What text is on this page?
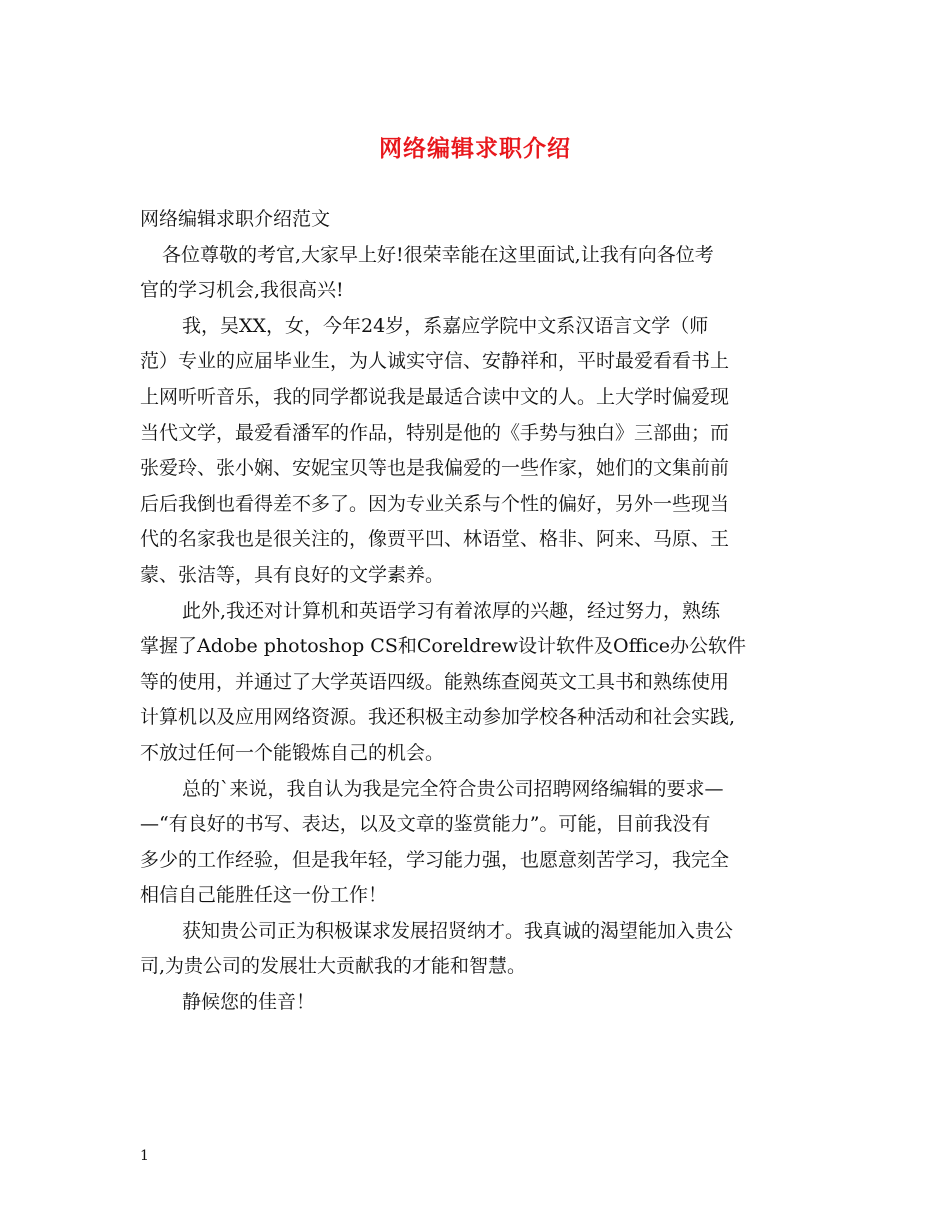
网络编辑求职介绍
网络编辑求职介绍范文
各位尊敬的考官,大家早上好!很荣幸能在这里面试,让我有向各位考
官的学习机会,我很高兴!
我，吴XX，女，今年24岁，系嘉应学院中文系汉语言文学（师
范）专业的应届毕业生，为人诚实守信、安静祥和，平时最爱看看书上
上网听听音乐，我的同学都说我是最适合读中文的人。上大学时偏爱现
当代文学，最爱看潘军的作品，特别是他的《手势与独白》三部曲；而
张爱玲、张小娴、安妮宝贝等也是我偏爱的一些作家，她们的文集前前
后后我倒也看得差不多了。因为专业关系与个性的偏好，另外一些现当
代的名家我也是很关注的，像贾平凹、林语堂、格非、阿来、马原、王
蒙、张洁等，具有良好的文学素养。
此外,我还对计算机和英语学习有着浓厚的兴趣，经过努力，熟练
掌握了Adobe photoshop CS和Coreldrew设计软件及Office办公软件
等的使用，并通过了大学英语四级。能熟练查阅英文工具书和熟练使用
计算机以及应用网络资源。我还积极主动参加学校各种活动和社会实践,
不放过任何一个能锻炼自己的机会。
总的`来说，我自认为我是完全符合贵公司招聘网络编辑的要求—
—“有良好的书写、表达，以及文章的鉴赏能力”。可能，目前我没有
多少的工作经验，但是我年轻，学习能力强，也愿意刻苦学习，我完全
相信自己能胜任这一份工作！
获知贵公司正为积极谋求发展招贤纳才。我真诚的渴望能加入贵公
司,为贵公司的发展壮大贡献我的才能和智慧。
静候您的佳音！
1
